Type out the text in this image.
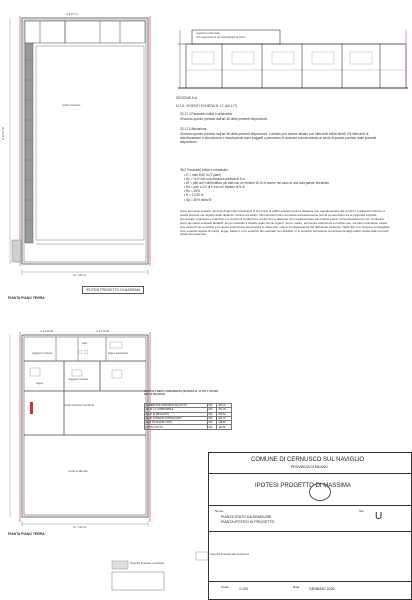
m 5.37 ml
cortile esclusivo
m 20.97 ml
mt. 7,60 ml
PIANTA PIANO TERRA
IPOTESI PROGETTO DI MASSIMA
m 14.40 ML	m 14.70 ML
soggiorno cottura
sala
bagno lavanderia
soggiorno cottura
bagno
cortile esclusivo mq 96,40
cortile di altra dia
mt. 7,60 ml
PIANTA PIANO TERRA
superfici residenziali
non superamento per sopralluoghi di primo
SEZIONE A-A
N.T.A. VIGENTI SCHEDA N. 17 (A3.17*)
32.17.4 Parametri edilizi e urbanistici
Secondo quanto previsto dall'art.36 delle presenti disposizioni.
32.17.5 Attuazione
Secondo quanto previsto dall'art.36 delle presenti disposizioni. L'ambito può essere attuato con interventi edilizi diretti. Gli interventi di ristrutturazione e demolizione e ricostruzione sono soggetti a permesso di costruire convenzionato ai sensi di quanto previsto dalle presenti disposizioni.
36.2 Parametri edilizi e urbanistici
• H = max 8,60 m (2 piani)
• Dc = ½ H con una distanza minima di 5 m
• Df = pari ad H dell'edificio più alto con un minimo di 10 m anche nel caso di una sola parete finestrata
• Ds = pari a 1/2 di H con un minimo di 5 m
• Rc = 35%
• H = 12,50 m
• Sp = 30% della Sf
Sono ammessi sopralzi nel limiti degli indici urbanistici di cui sopra di edifici esistenti posti a distanza non regolamentare dai confini o a distanza inferiore a quella prevista nel rispetto delle distanze minime tra edifici. Tali interventi sono ammessi esclusivamente previa convenzione tra le proprietà frontiste interessate, registrata e trascritta. Le recinzioni di altezza e costruzioni a distanza non regolamentare dal confine previo convenzionamento tra i confinanti. Sono ammessi sottotetti abitabili, fermo restando il rispetto delle norme vigenti. Sono, inoltre, ammesse costruzioni a confine ove, sul lotto confinante, esista una costruzione a confine e la nuova costruzione sia prevista in aderenza, sola in corrispondenza del fabbricato esistente. Nelle Sfp non vengono conteggiate: a) le superfici aperte di portici, logge, balconi; b) le superfici dei sottotetti non abitabili; c) le superfici accessorie di pertinenza degli edifici residenziali nei limiti fissati dai parametri.
VERIFICA INDICI URBANISTICI (SCHEDA N. 17 P.G.T. PIANO DELLE REGOLE)
SUPERFICIE FONDIARIA SELLOTTO	MQ	462,00
SF (S.L.P.) AMMISSIBILE	MQ	231,00
S.L.P. IN PROGETTO	MQ	229,60
S.L.P. COPERTA CONTEGGIATA	MQ	161,70
SUP. FILTRANTE (30%)	MQ	138,60
LOTTO SOTTO	MQ	160,00
COMUNE DI CERNUSCO SUL NAVIGLIO
PROVINCIA DI MILANO
IPOTESI PROGETTO DI MASSIMA
Nome:
PIANTA STATO DA DEMOLIRE
PIANTA IPOTESI DI PROGETTO
Tav. U
Scala	1:100	Data	GENNAIO 2026
Superfici destinate a porticato
Superfici destinate alla pertinenza
